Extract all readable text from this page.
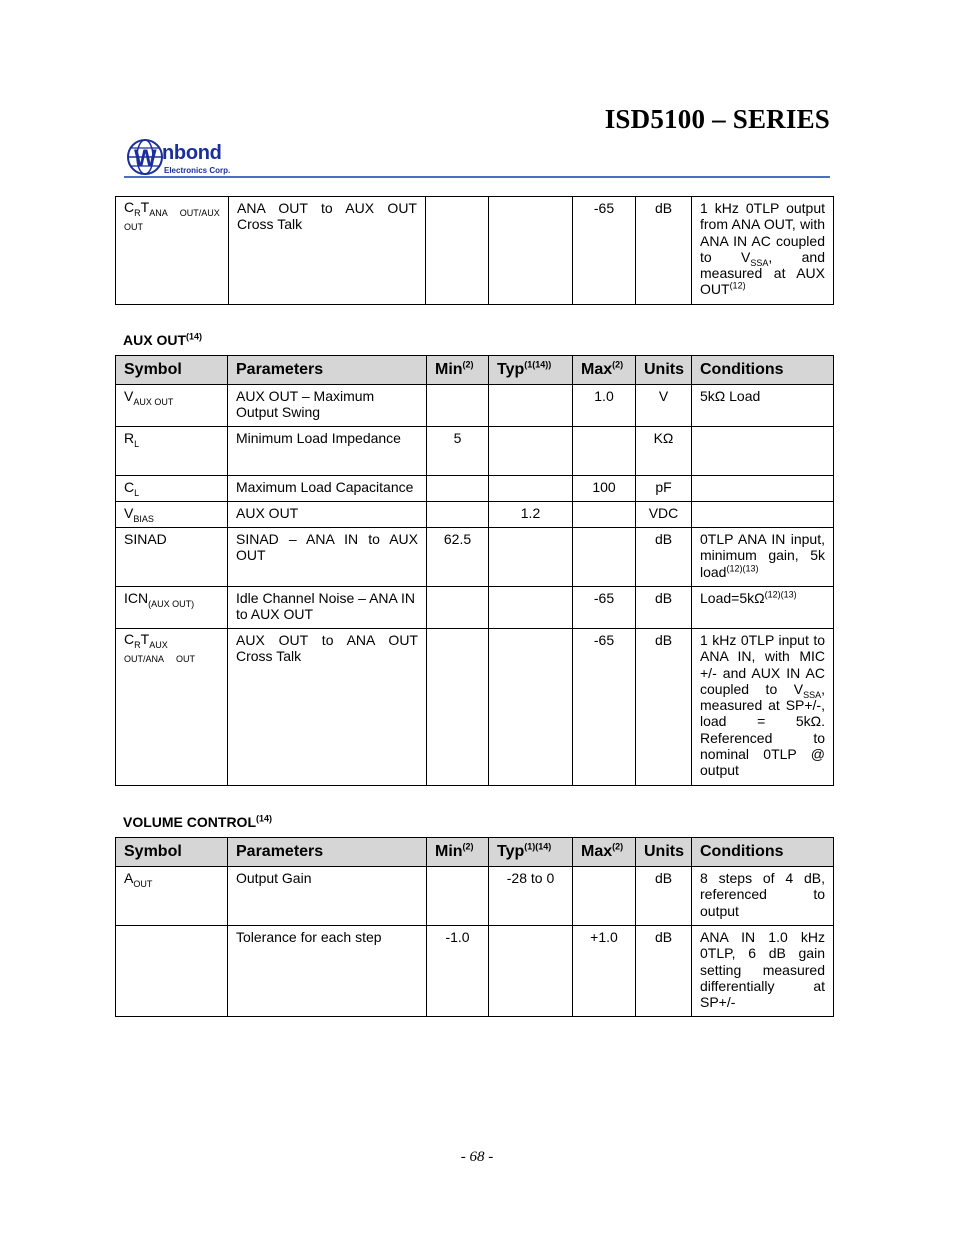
ISD5100 – SERIES
W nbond
Electronics Corp.
$C_RT_{ANA OUT/AUX OUT}$	ANA OUT to AUX OUT Cross Talk			-65	dB	1 kHz 0TLP output from ANA OUT, with ANA IN AC coupled to $V_{SSA}$, and measured at AUX OUT$^{(12)}$
AUX OUT$^{(14)}$
Symbol	Parameters	Min$^{(2)}$	Typ$^{(1(14))}$	Max$^{(2)}$	Units	Conditions
$V_{AUX OUT}$	AUX OUT – Maximum Output Swing			1.0	V	5kΩ Load
$R_L$	Minimum Load Impedance	5			KΩ	
$C_L$	Maximum Load Capacitance			100	pF	
$V_{BIAS}$	AUX OUT		1.2		VDC	
SINAD	SINAD – ANA IN to AUX OUT	62.5			dB	0TLP ANA IN input, minimum gain, 5k load$^{(12)(13)}$
$ICN_{(AUX OUT)}$	Idle Channel Noise – ANA IN to AUX OUT			-65	dB	$Load=5k\Omega^{(12)(13)}$
$C_RT_{AUX OUT/ANA OUT}$	AUX OUT to ANA OUT Cross Talk			-65	dB	1 kHz 0TLP input to ANA IN, with MIC +/- and AUX IN AC coupled to $V_{SSA}$, measured at SP+/-, load = 5kΩ. Referenced to nominal 0TLP @ output
VOLUME CONTROL$^{(14)}$
Symbol	Parameters	Min$^{(2)}$	Typ$^{(1)(14)}$	Max$^{(2)}$	Units	Conditions
$A_{OUT}$	Output Gain		-28 to 0		dB	8 steps of 4 dB, referenced to output
	Tolerance for each step	-1.0		+1.0	dB	ANA IN 1.0 kHz 0TLP, 6 dB gain setting measured differentially at SP+/-
- 68 -
